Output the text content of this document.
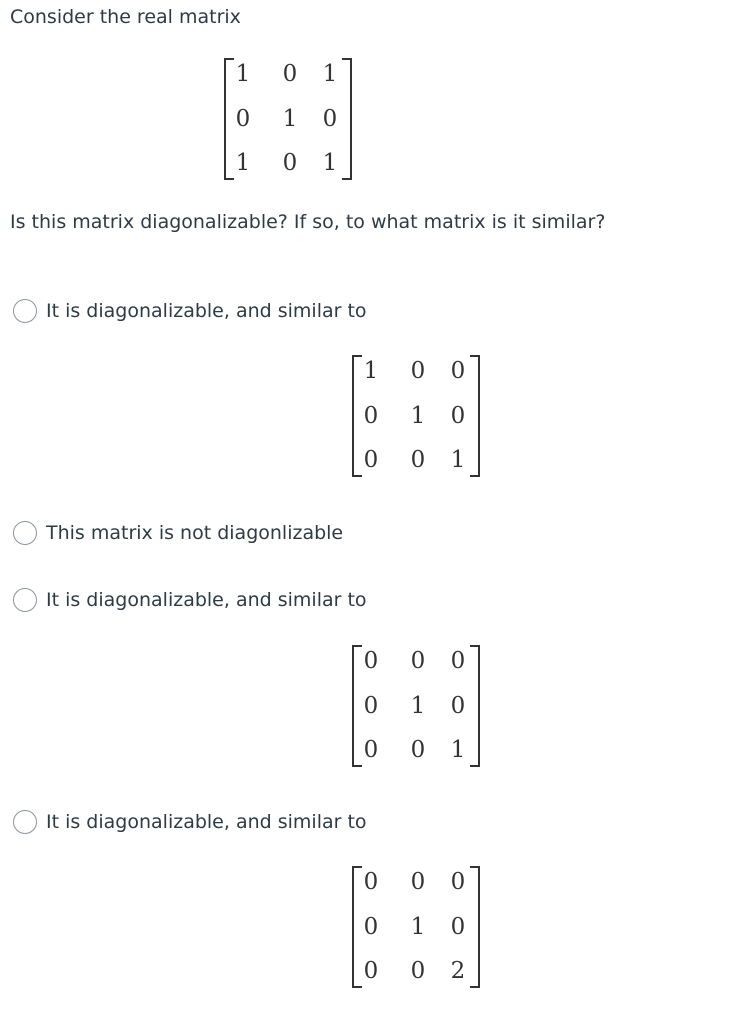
Consider the real matrix
1	0	1
0	1	0
1	0	1
Is this matrix diagonalizable? If so, to what matrix is it similar?
It is diagonalizable, and similar to
1	0	0
0	1	0
0	0	1
This matrix is not diagonlizable
It is diagonalizable, and similar to
0	0	0
0	1	0
0	0	1
It is diagonalizable, and similar to
0	0	0
0	1	0
0	0	2
